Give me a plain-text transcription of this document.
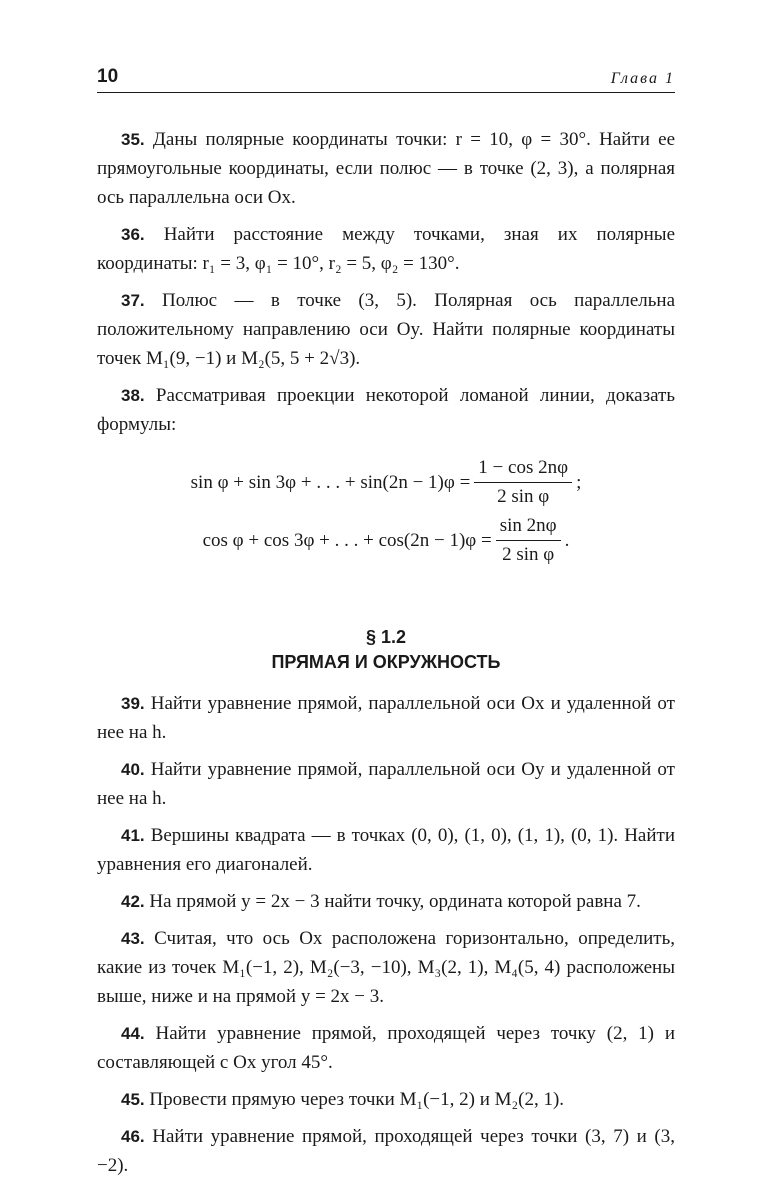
10	Глава 1

35. Даны полярные координаты точки: r = 10, φ = 30°. Найти ее прямоугольные координаты, если полюс — в точке (2, 3), а полярная ось параллельна оси Ox.

36. Найти расстояние между точками, зная их полярные координаты: r₁ = 3, φ₁ = 10°, r₂ = 5, φ₂ = 130°.

37. Полюс — в точке (3, 5). Полярная ось параллельна положительному направлению оси Oy. Найти полярные координаты точек M₁(9, −1) и M₂(5, 5 + 2√3).

38. Рассматривая проекции некоторой ломаной линии, доказать формулы:

sin φ + sin 3φ + . . . + $\sin(2n - 1)\varphi = \frac{1 - \cos 2n\varphi}{\text{2 sin φ}}$ ;
cos φ + cos 3φ + . . . + $\cos(2n - 1)\varphi = \frac{\sin 2n\varphi}{\text{2 sin φ}}$ .
§ 1.2
ПРЯМАЯ И ОКРУЖНОСТЬ

39. Найти уравнение прямой, параллельной оси Ox и удаленной от нее на h.

40. Найти уравнение прямой, параллельной оси Oy и удаленной от нее на h.

41. Вершины квадрата — в точках (0, 0), (1, 0), (1, 1), (0, 1). Найти уравнения его диагоналей.

42. На прямой y = 2x − 3 найти точку, ордината которой равна 7.

43. Считая, что ось Ox расположена горизонтально, определить, какие из точек M₁(−1, 2), M₂(−3, −10), M₃(2, 1), M₄(5, 4) расположены выше, ниже и на прямой y = 2x − 3.

44. Найти уравнение прямой, проходящей через точку (2, 1) и составляющей с Ox угол 45°.

45. Провести прямую через точки M₁(−1, 2) и M₂(2, 1).

46. Найти уравнение прямой, проходящей через точки (3, 7) и (3, −2).
